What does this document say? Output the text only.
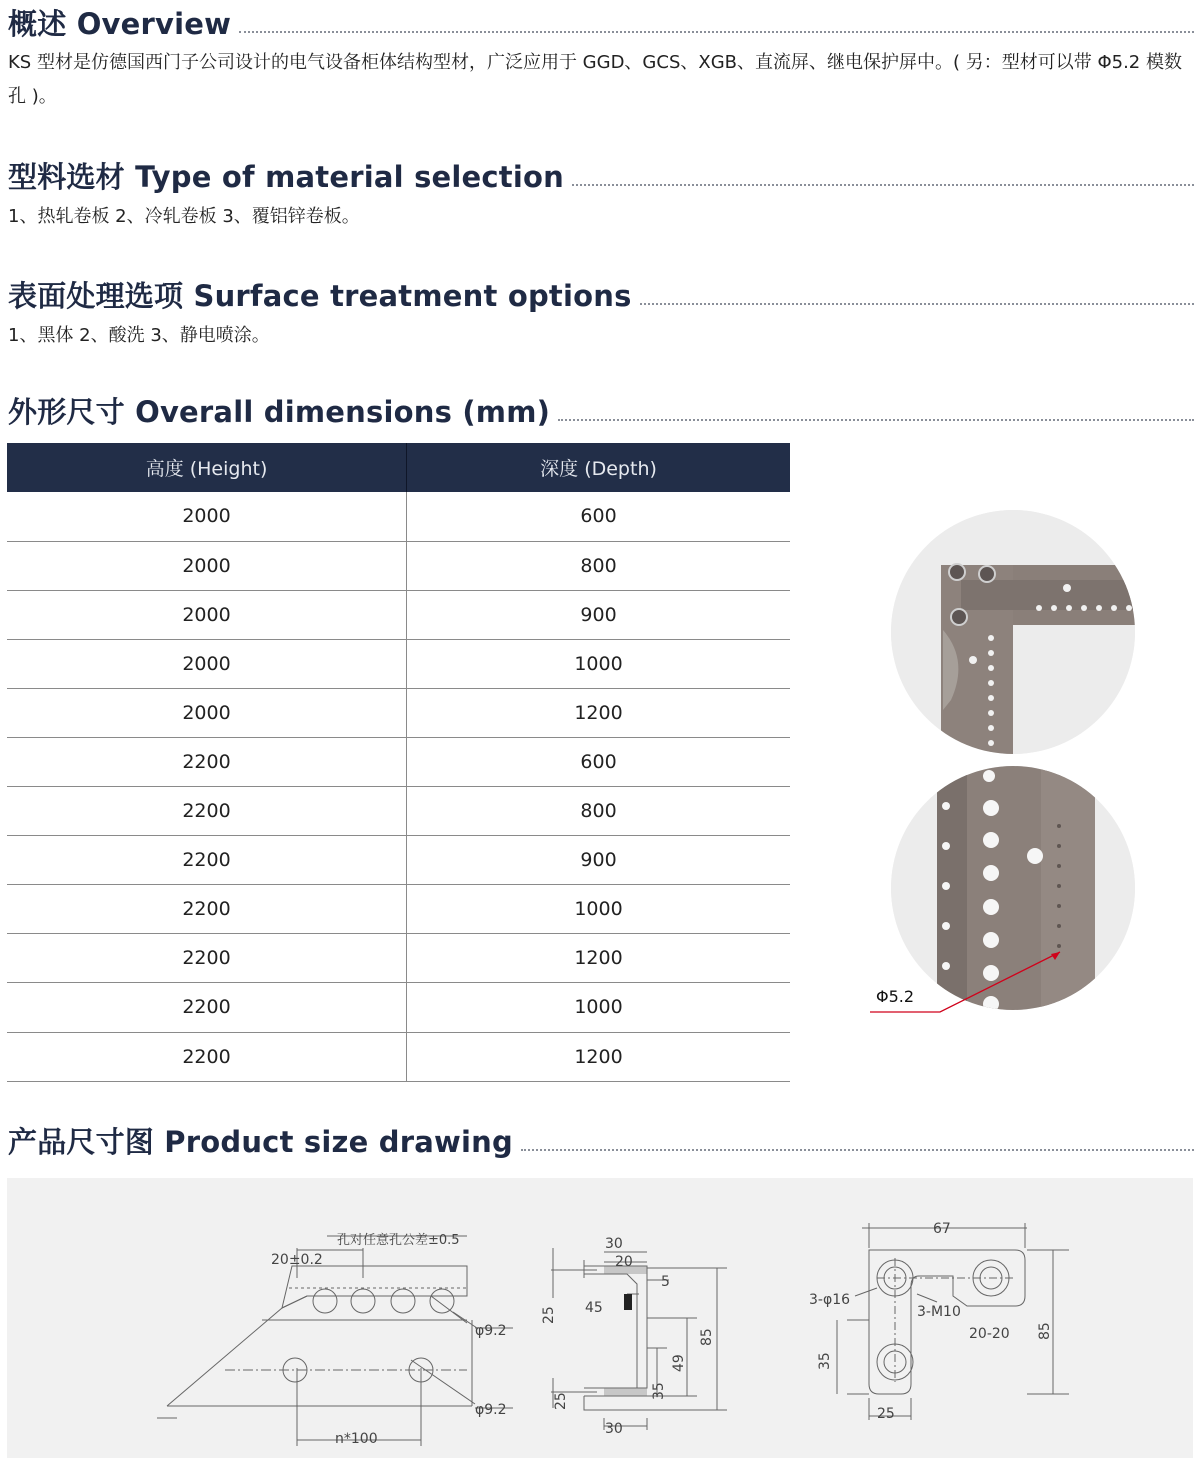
概述 Overview

KS 型材是仿德国西门子公司设计的电气设备柜体结构型材，广泛应用于 GGD、GCS、XGB、直流屏、继电保护屏中。( 另：型材可以带 Φ5.2 模数孔 )。

型料选材 Type of material selection

1、热轧卷板 2、冷轧卷板 3、覆铝锌卷板。

表面处理选项 Surface treatment options

1、黑体 2、酸洗 3、静电喷涂。

外形尺寸 Overall dimensions (mm)
高度 (Height)	深度 (Depth)
2000	600
2000	800
2000	900
2000	1000
2000	1200
2200	600
2200	800
2200	900
2200	1000
2200	1200
2200	1000
2200	1200
Φ5.2
产品尺寸图 Product size drawing
孔对任意孔公差±0.5
20±0.2
φ9.2
φ9.2
n*100
30
20
5
45
25
85
49
35
25
30
67
3-φ16
3-M10
20-20 85
35
25
